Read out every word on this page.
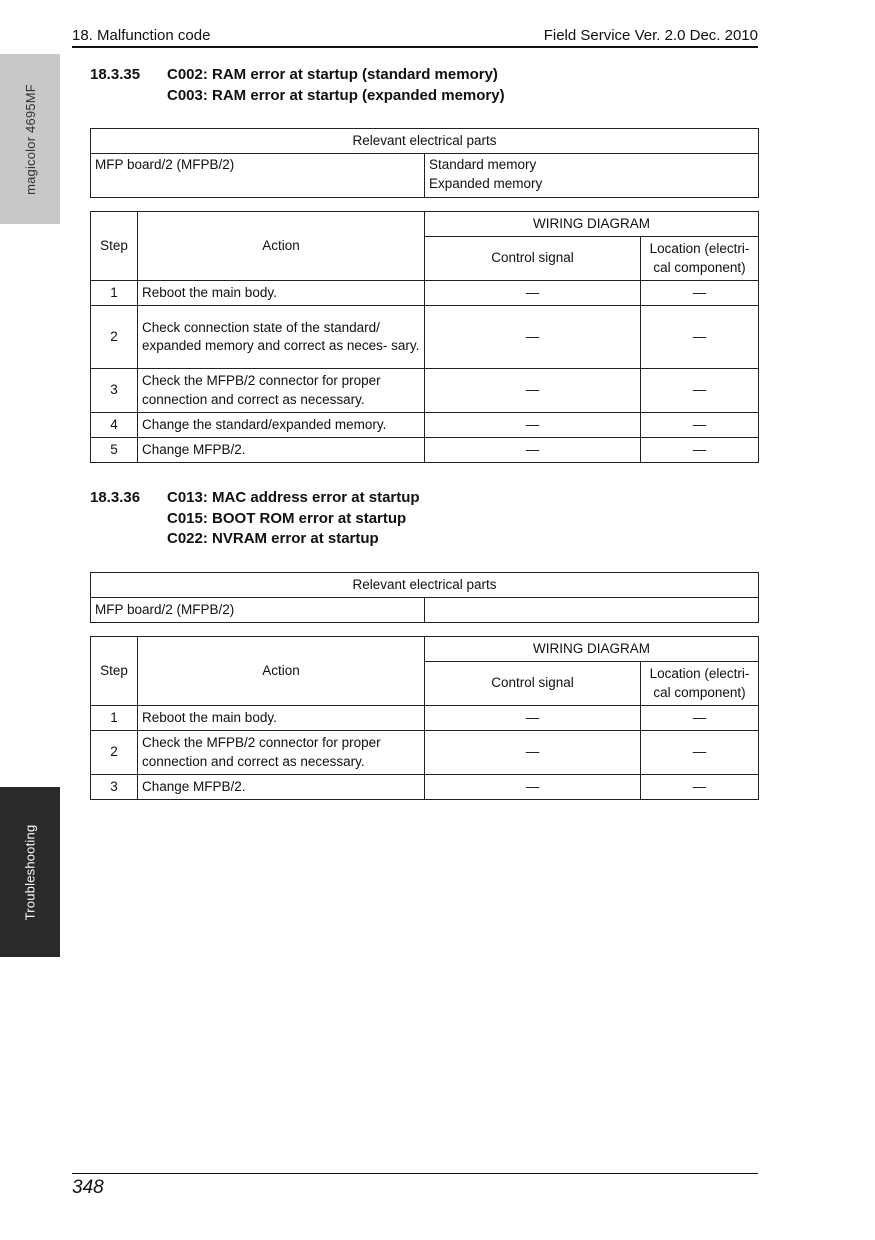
magicolor 4695MF
Troubleshooting
18. Malfunction code	Field Service Ver. 2.0 Dec. 2010
18.3.35	C002: RAM error at startup (standard memory)
C003: RAM error at startup (expanded memory)
Relevant electrical parts
MFP board/2 (MFPB/2)	Standard memory
Expanded memory
Step	Action	WIRING DIAGRAM	
		Control signal	Location (electri- cal component)
1	Reboot the main body.	—	—
2	Check connection state of the standard/ expanded memory and correct as neces- sary.	—	—
3	Check the MFPB/2 connector for proper connection and correct as necessary.	—	—
4	Change the standard/expanded memory.	—	—
5	Change MFPB/2.	—	—
18.3.36	C013: MAC address error at startup
C015: BOOT ROM error at startup
C022: NVRAM error at startup
Relevant electrical parts
MFP board/2 (MFPB/2)	
Step	Action	WIRING DIAGRAM	
		Control signal	Location (electri- cal component)
1	Reboot the main body.	—	—
2	Check the MFPB/2 connector for proper connection and correct as necessary.	—	—
3	Change MFPB/2.	—	—
348
